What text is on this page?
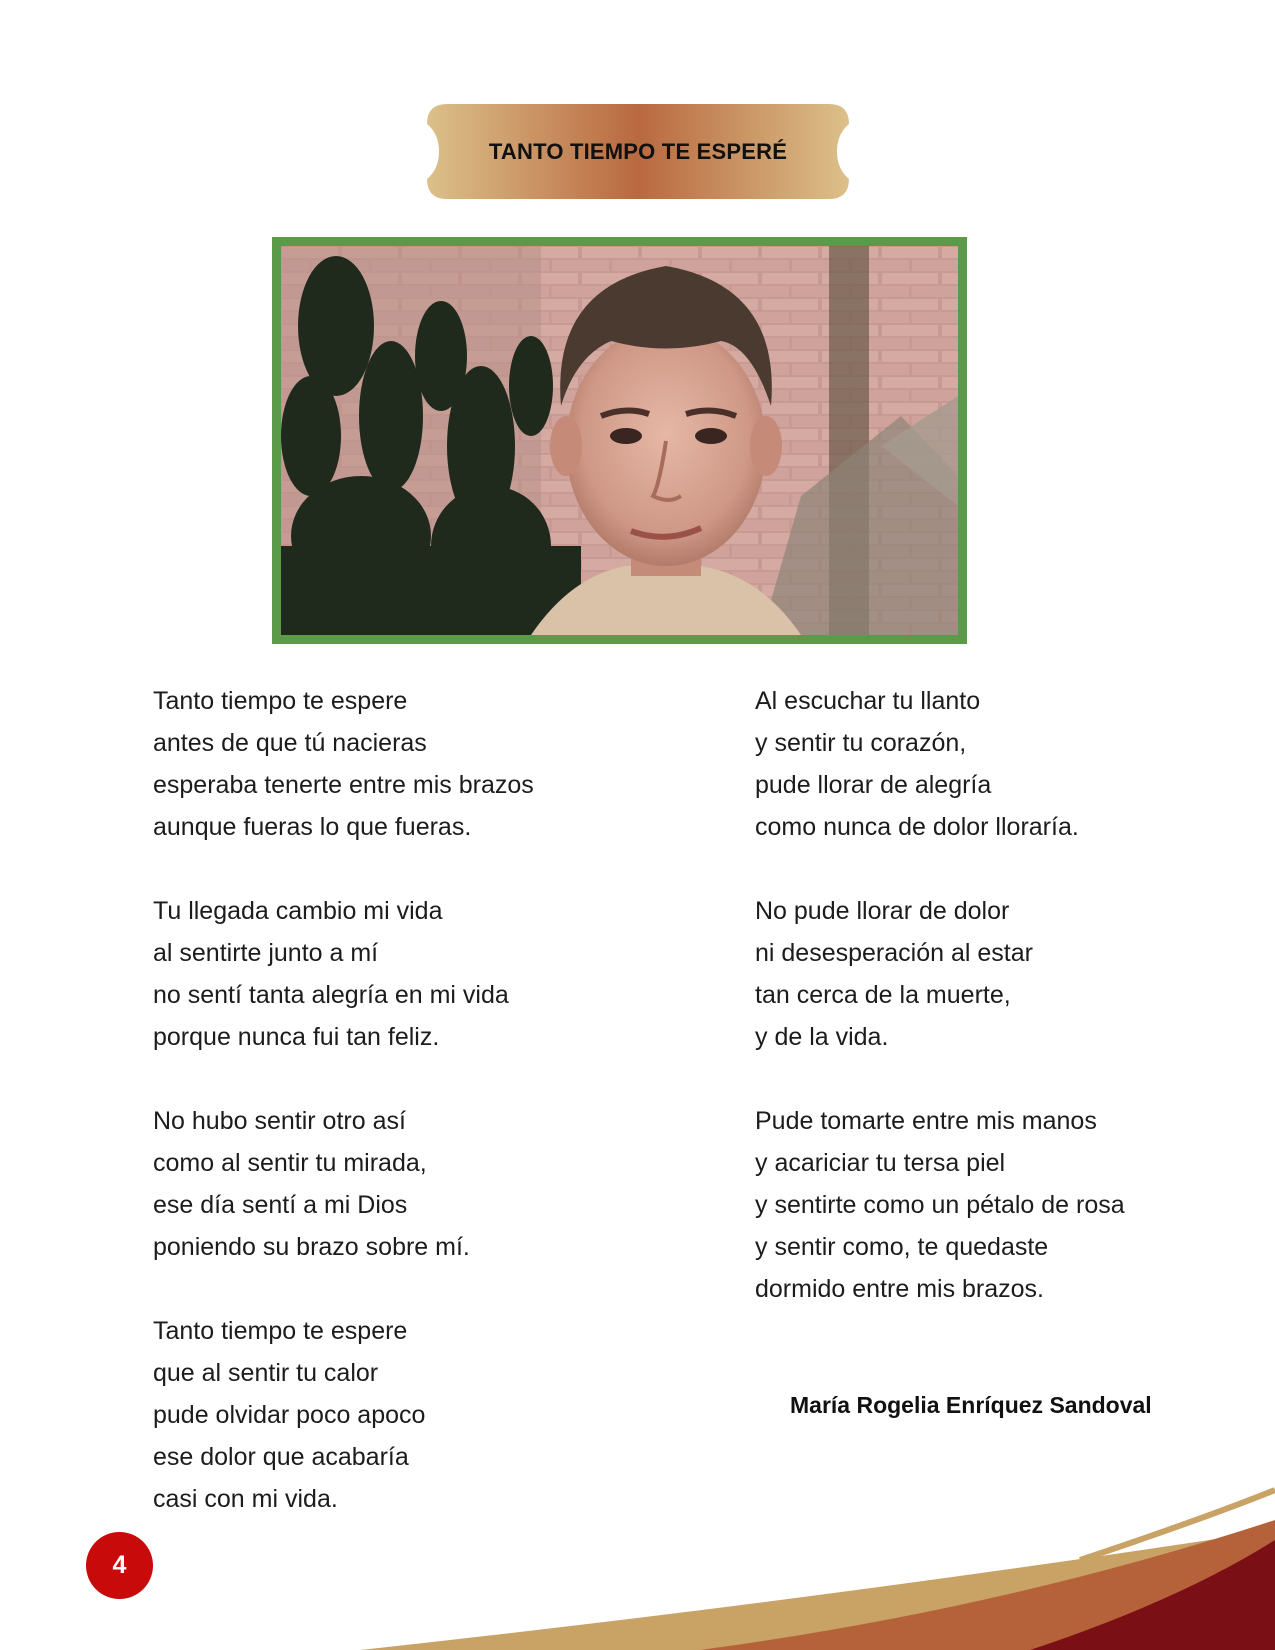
TANTO TIEMPO TE ESPERÉ
Tanto tiempo te espere
antes de que tú nacieras
esperaba tenerte entre mis brazos
aunque fueras lo que fueras.
Tu llegada cambio mi vida
al sentirte junto a mí
no sentí tanta alegría en mi vida
porque nunca fui tan feliz.
No hubo sentir otro así
como al sentir tu mirada,
ese día sentí a mi Dios
poniendo su brazo sobre mí.
Tanto tiempo te espere
que al sentir tu calor
pude olvidar poco apoco
ese dolor que acabaría
casi con mi vida.
Al escuchar tu llanto
y sentir tu corazón,
pude llorar de alegría
como nunca de dolor lloraría.
No pude llorar de dolor
ni desesperación al estar
tan cerca de la muerte,
y de la vida.
Pude tomarte entre mis manos
y acariciar tu tersa piel
y sentirte como un pétalo de rosa
y sentir como, te quedaste
dormido entre mis brazos.
María Rogelia Enríquez Sandoval
4
